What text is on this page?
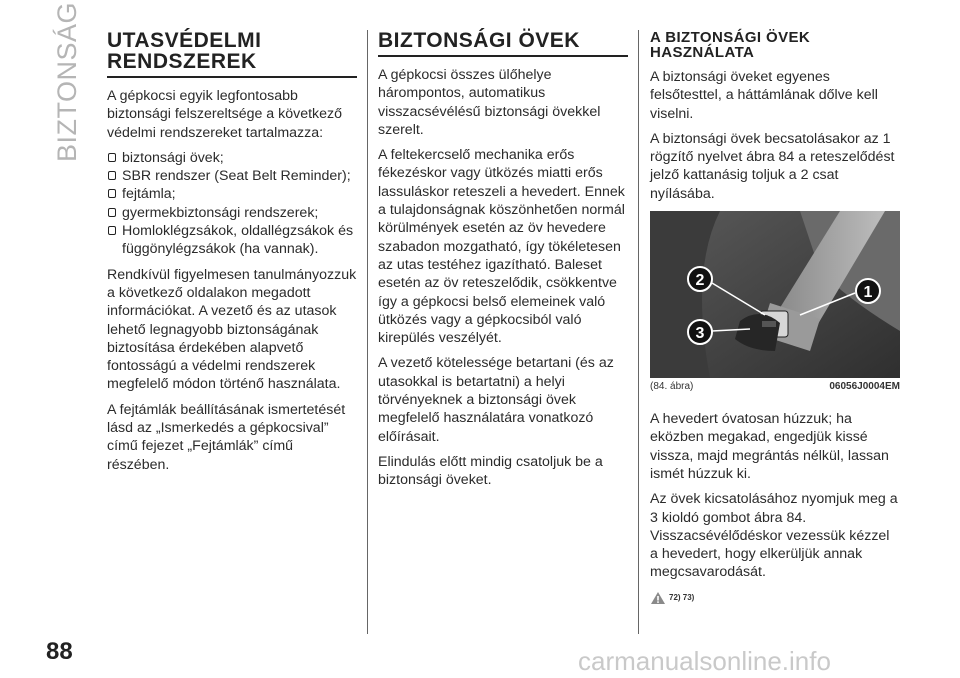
BIZTONSÁG UTASVÉDELMI RENDSZEREK

A gépkocsi egyik legfontosabb biztonsági felszereltsége a következő védelmi rendszereket tartalmazza:

biztonsági övek;
SBR rendszer (Seat Belt Reminder);
fejtámla;
gyermekbiztonsági rendszerek;
Homloklégzsákok, oldallégzsákok és függönylégzsákok (ha vannak).

Rendkívül figyelmesen tanulmányozzuk a következő oldalakon megadott információkat. A vezető és az utasok lehető legnagyobb biztonságának biztosítása érdekében alapvető fontosságú a védelmi rendszerek megfelelő módon történő használata.

A fejtámlák beállításának ismertetését lásd az „Ismerkedés a gépkocsival” című fejezet „Fejtámlák” című részében.

BIZTONSÁGI ÖVEK

A gépkocsi összes ülőhelye hárompontos, automatikus visszacsévélésű biztonsági övekkel szerelt.

A feltekercselő mechanika erős fékezéskor vagy ütközés miatti erős lassuláskor reteszeli a hevedert. Ennek a tulajdonságnak köszönhetően normál körülmények esetén az öv hevedere szabadon mozgatható, így tökéletesen az utas testéhez igazítható. Baleset esetén az öv reteszelődik, csökkentve így a gépkocsi belső elemeinek való ütközés vagy a gépkocsiból való kirepülés veszélyét.

A vezető kötelessége betartani (és az utasokkal is betartatni) a helyi törvényeknek a biztonsági övek megfelelő használatára vonatkozó előírásait.

Elindulás előtt mindig csatoljuk be a biztonsági öveket.

A BIZTONSÁGI ÖVEK HASZNÁLATA

A biztonsági öveket egyenes felsőtesttel, a háttámlának dőlve kell viselni.

A biztonsági övek becsatolásakor az 1 rögzítő nyelvet ábra 84 a reteszelődést jelző kattanásig toljuk a 2 csat nyílásába.

2
1
3
(84. ábra)	06056J0004EM

A hevedert óvatosan húzzuk; ha eközben megakad, engedjük kissé vissza, majd megrántás nélkül, lassan ismét húzzuk ki.

Az övek kicsatolásához nyomjuk meg a 3 kioldó gombot ábra 84. Visszacsévélődéskor vezessük kézzel a hevedert, hogy elkerüljük annak megcsavarodását.

72) 73)
88	carmanualsonline.info
